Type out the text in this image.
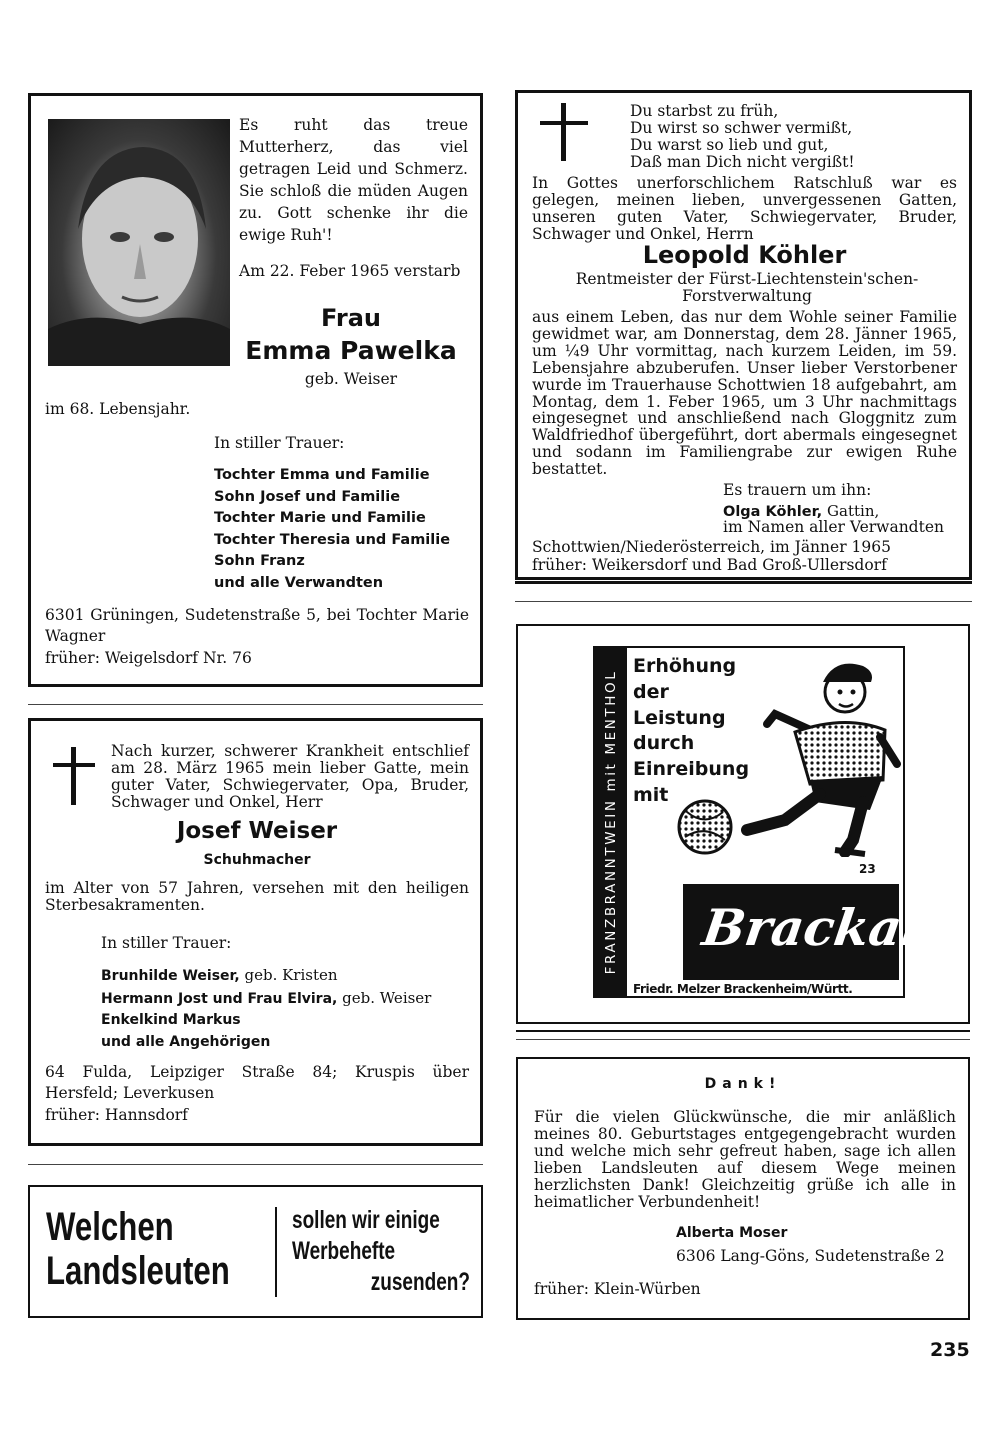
Es ruht das treue Mutterherz, das viel getragen Leid und Schmerz. Sie schloß die müden Augen zu. Gott schenke ihr die ewige Ruh'!
Am 22. Feber 1965 verstarb
Frau
Emma Pawelka
geb. Weiser
im 68. Lebensjahr.
In stiller Trauer:
Tochter Emma und Familie
Sohn Josef und Familie
Tochter Marie und Familie
Tochter Theresia und Familie
Sohn Franz
und alle Verwandten
6301 Grüningen, Sudetenstraße 5, bei Tochter Marie Wagner
früher: Weigelsdorf Nr. 76
Du starbst zu früh,
Du wirst so schwer vermißt,
Du warst so lieb und gut,
Daß man Dich nicht vergißt!
In Gottes unerforschlichem Ratschluß war es gelegen, meinen lieben, unvergessenen Gatten, unseren guten Vater, Schwiegervater, Bruder, Schwager und Onkel, Herrn
Leopold Köhler
Rentmeister der Fürst-Liechtenstein'schen-Forstverwaltung
aus einem Leben, das nur dem Wohle seiner Familie gewidmet war, am Donnerstag, dem 28. Jänner 1965, um ¼9 Uhr vormittag, nach kurzem Leiden, im 59. Lebensjahre abzuberufen. Unser lieber Verstorbener wurde im Trauerhause Schottwien 18 aufgebahrt, am Montag, dem 1. Feber 1965, um 3 Uhr nachmittags eingesegnet und anschließend nach Gloggnitz zum Waldfriedhof übergeführt, dort abermals eingesegnet und sodann im Familiengrabe zur ewigen Ruhe bestattet.
Es trauern um ihn:
Olga Köhler, Gattin,
im Namen aller Verwandten
Schottwien/Niederösterreich, im Jänner 1965
früher: Weikersdorf und Bad Groß-Ullersdorf
FRANZBRANNTWEIN mit MENTHOL
Erhöhung
der
Leistung
durch
Einreibung
mit
23
Brackal
Friedr. Melzer Brackenheim/Württ.
Nach kurzer, schwerer Krankheit entschlief am 28. März 1965 mein lieber Gatte, mein guter Vater, Schwiegervater, Opa, Bruder, Schwager und Onkel, Herr
Josef Weiser
Schuhmacher
im Alter von 57 Jahren, versehen mit den heiligen Sterbesakramenten.
In stiller Trauer:
Brunhilde Weiser, geb. Kristen
Hermann Jost und Frau Elvira, geb. Weiser
Enkelkind Markus
und alle Angehörigen
64 Fulda, Leipziger Straße 84; Kruspis über Hersfeld; Leverkusen
früher: Hannsdorf
Welchen
Landsleuten
sollen wir einige
Werbehefte
zusenden?
Dank!
Für die vielen Glückwünsche, die mir anläßlich meines 80. Geburtstages entgegengebracht wurden und welche mich sehr gefreut haben, sage ich allen lieben Landsleuten auf diesem Wege meinen herzlichsten Dank! Gleichzeitig grüße ich alle in heimatlicher Verbundenheit!
Alberta Moser
6306 Lang-Göns, Sudetenstraße 2
früher: Klein-Würben
235
